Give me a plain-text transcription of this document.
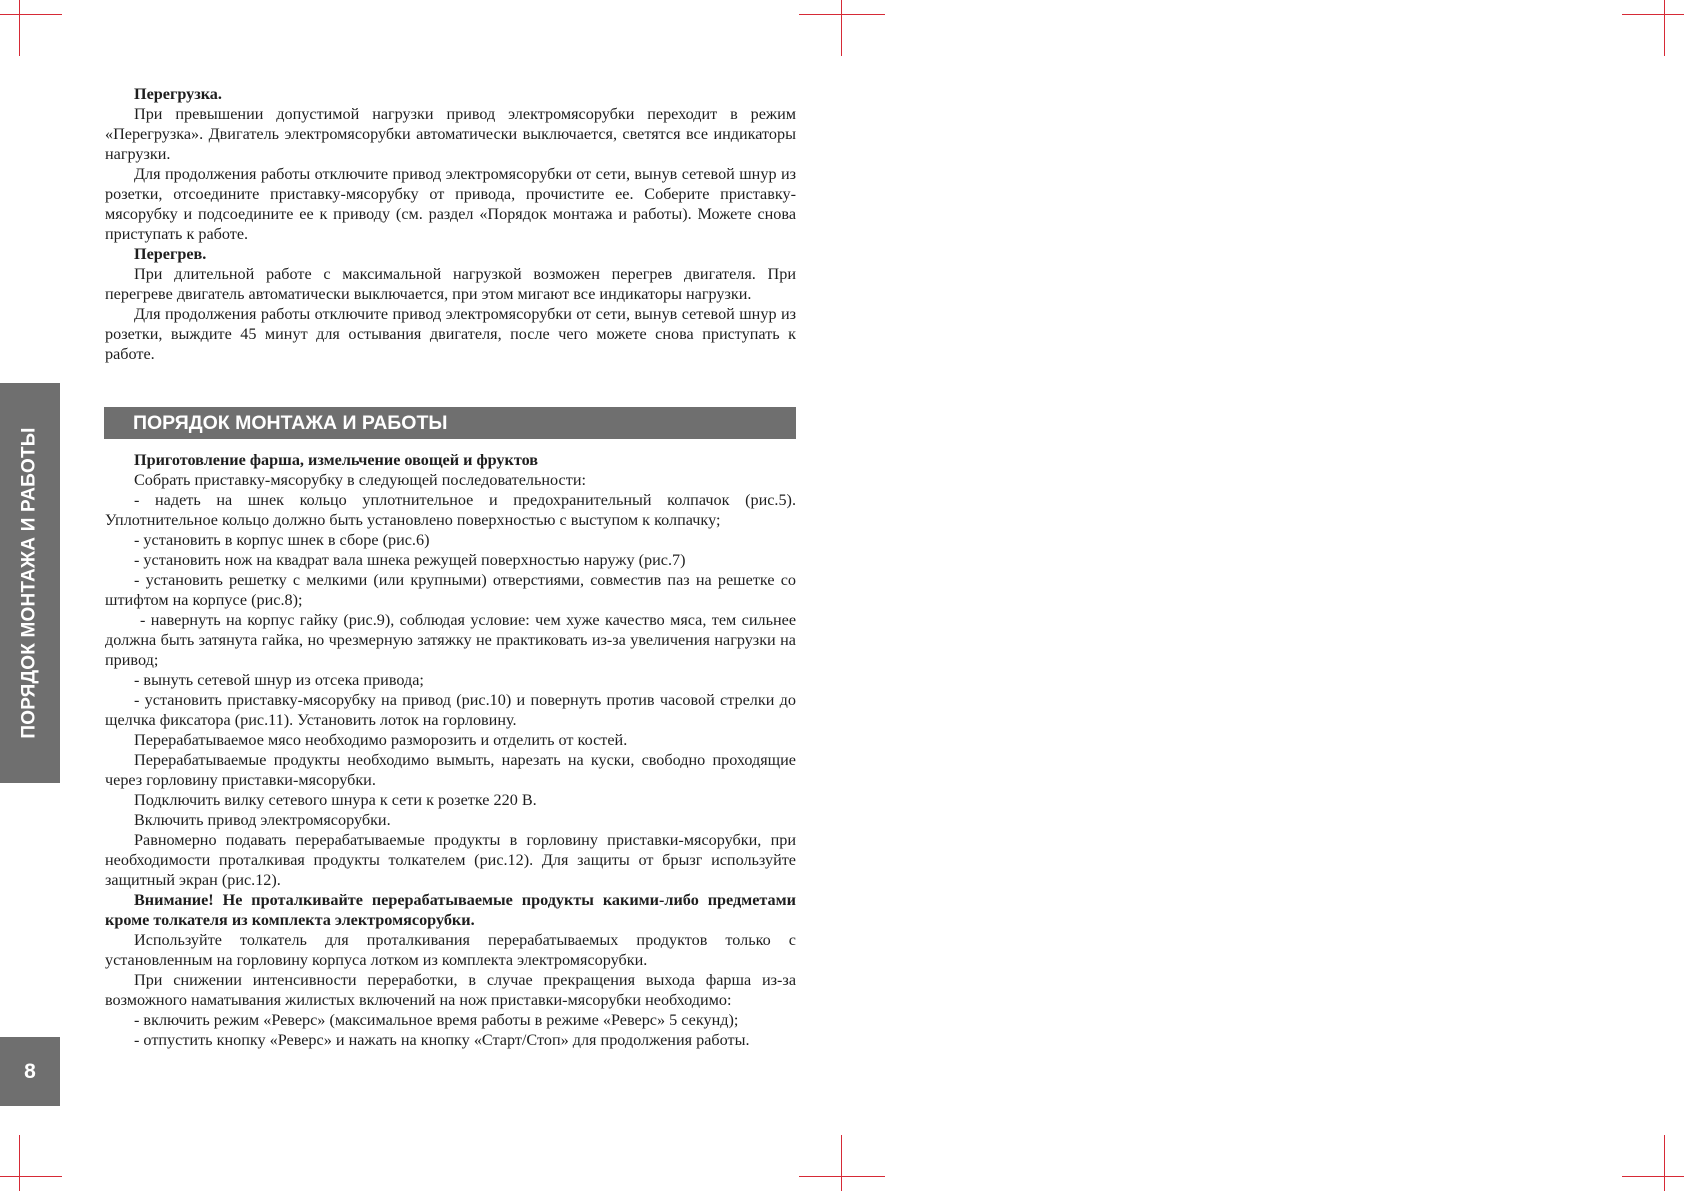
ПОРЯДОК МОНТАЖА И РАБОТЫ
8

Перегрузка.

При превышении допустимой нагрузки привод электромясорубки переходит в режим «Перегрузка». Двигатель электромясорубки автоматически выключается, светятся все индикаторы нагрузки.

Для продолжения работы отключите привод электромясорубки от сети, вынув сетевой шнур из розетки, отсоедините приставку-мясорубку от привода, прочистите ее. Соберите приставку-мясорубку и подсоедините ее к приводу (см. раздел «Порядок монтажа и работы). Можете снова приступать к работе.

Перегрев.

При длительной работе с максимальной нагрузкой возможен перегрев двигателя. При перегреве двигатель автоматически выключается, при этом мигают все индикаторы нагрузки.

Для продолжения работы отключите привод электромясорубки от сети, вынув сетевой шнур из розетки, выждите 45 минут для остывания двигателя, после чего можете снова приступать к работе.

ПОРЯДОК МОНТАЖА И РАБОТЫ

Приготовление фарша, измельчение овощей и фруктов

Собрать приставку-мясорубку в следующей последовательности:

- надеть на шнек кольцо уплотнительное и предохранительный колпачок (рис.5). Уплотнительное кольцо должно быть установлено поверхностью с выступом к колпачку;

- установить в корпус шнек в сборе (рис.6)

- установить нож на квадрат вала шнека режущей поверхностью наружу (рис.7)

- установить решетку с мелкими (или крупными) отверстиями, совместив паз на решетке со штифтом на корпусе (рис.8);

- навернуть на корпус гайку (рис.9), соблюдая условие: чем хуже качество мяса, тем сильнее должна быть затянута гайка, но чрезмерную затяжку не практиковать из-за увеличения нагрузки на привод;

- вынуть сетевой шнур из отсека привода;

- установить приставку-мясорубку на привод (рис.10) и повернуть против часовой стрелки до щелчка фиксатора (рис.11). Установить лоток на горловину.

Перерабатываемое мясо необходимо разморозить и отделить от костей.

Перерабатываемые продукты необходимо вымыть, нарезать на куски, свободно проходящие через горловину приставки-мясорубки.

Подключить вилку сетевого шнура к сети к розетке 220 В.

Включить привод электромясорубки.

Равномерно подавать перерабатываемые продукты в горловину приставки-мясорубки, при необходимости проталкивая продукты толкателем (рис.12). Для защиты от брызг используйте защитный экран (рис.12).

Внимание! Не проталкивайте перерабатываемые продукты какими-либо предметами кроме толкателя из комплекта электромясорубки.

Используйте толкатель для проталкивания перерабатываемых продуктов только с установленным на горловину корпуса лотком из комплекта электромясорубки.

При снижении интенсивности переработки, в случае прекращения выхода фарша из-за возможного наматывания жилистых включений на нож приставки-мясорубки необходимо:

- включить режим «Реверс» (максимальное время работы в режиме «Реверс» 5 секунд);

- отпустить кнопку «Реверс» и нажать на кнопку «Старт/Стоп» для продолжения работы.
